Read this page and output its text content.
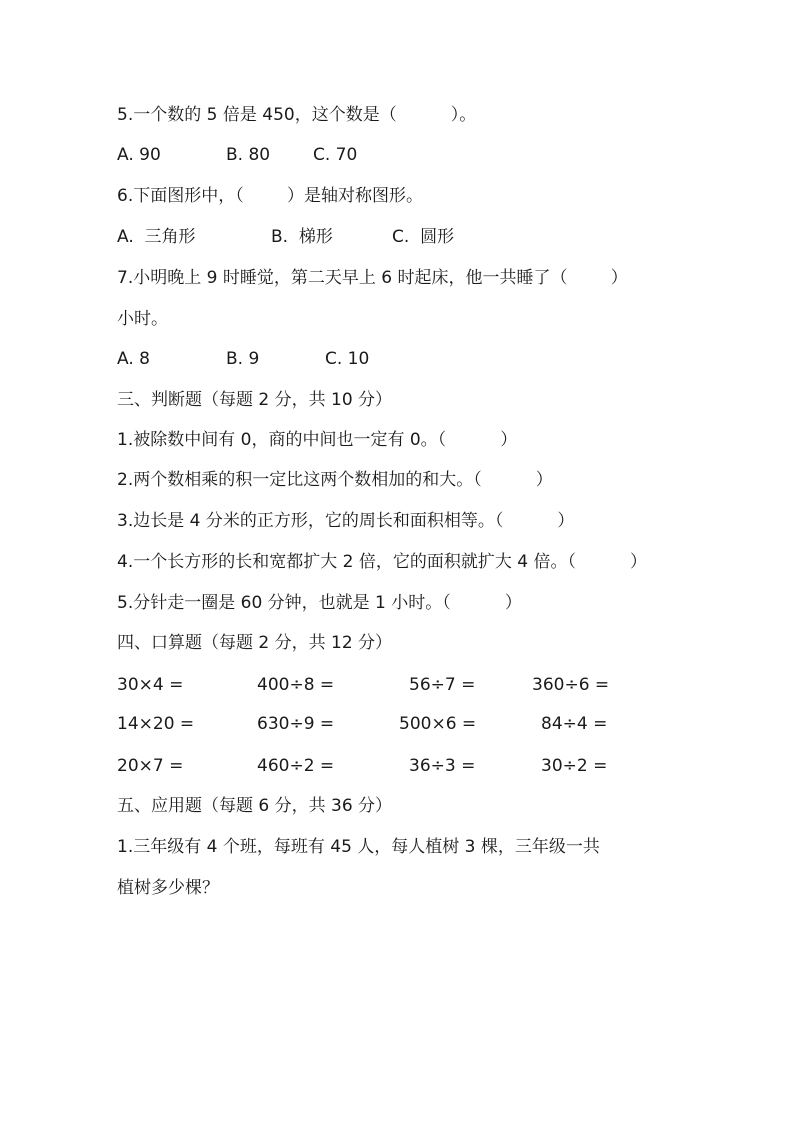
5.一个数的 5 倍是 450，这个数是（          ）。
A. 90	B. 80	C. 70
6.下面图形中，（        ）是轴对称图形。
A.  三角形	B.  梯形	C.  圆形
7.小明晚上 9 时睡觉，第二天早上 6 时起床，他一共睡了（        ）
小时。
A. 8	B. 9	C. 10
三、判断题（每题 2 分，共 10 分）
1.被除数中间有 0，商的中间也一定有 0。（          ）
2.两个数相乘的积一定比这两个数相加的和大。（          ）
3.边长是 4 分米的正方形，它的周长和面积相等。（          ）
4.一个长方形的长和宽都扩大 2 倍，它的面积就扩大 4 倍。（          ）
5.分针走一圈是 60 分钟，也就是 1 小时。（          ）
四、口算题（每题 2 分，共 12 分）
30×4 =	400÷8 =	56÷7 =	360÷6 =
14×20 =	630÷9 =	500×6 =	84÷4 =
20×7 =	460÷2 =	36÷3 =	30÷2 =
五、应用题（每题 6 分，共 36 分）
1.三年级有 4 个班，每班有 45 人，每人植树 3 棵，三年级一共
植树多少棵？
